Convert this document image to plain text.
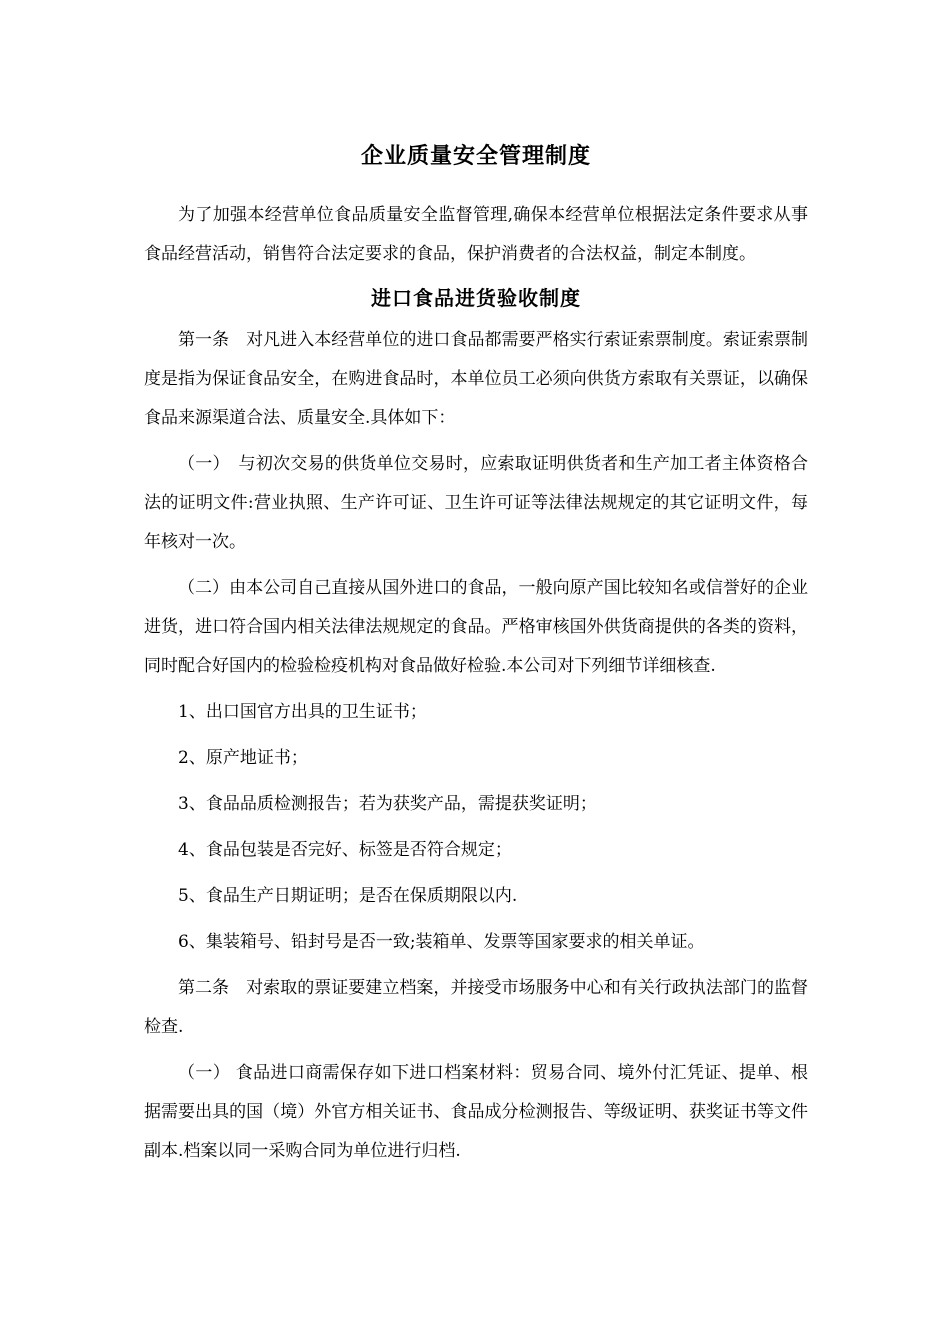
企业质量安全管理制度

为了加强本经营单位食品质量安全监督管理,确保本经营单位根据法定条件要求从事食品经营活动，销售符合法定要求的食品，保护消费者的合法权益，制定本制度。

进口食品进货验收制度

第一条　对凡进入本经营单位的进口食品都需要严格实行索证索票制度。索证索票制度是指为保证食品安全，在购进食品时，本单位员工必须向供货方索取有关票证，以确保食品来源渠道合法、质量安全.具体如下：

（一）　与初次交易的供货单位交易时，应索取证明供货者和生产加工者主体资格合法的证明文件:营业执照、生产许可证、卫生许可证等法律法规规定的其它证明文件，每年核对一次。

（二）由本公司自己直接从国外进口的食品，一般向原产国比较知名或信誉好的企业进货，进口符合国内相关法律法规规定的食品。严格审核国外供货商提供的各类的资料，同时配合好国内的检验检疫机构对食品做好检验.本公司对下列细节详细核查.

1、出口国官方出具的卫生证书；

2、原产地证书；

3、食品品质检测报告；若为获奖产品，需提获奖证明；

4、食品包装是否完好、标签是否符合规定；

5、食品生产日期证明；是否在保质期限以内.

6、集装箱号、铅封号是否一致;装箱单、发票等国家要求的相关单证。

第二条　对索取的票证要建立档案，并接受市场服务中心和有关行政执法部门的监督检查.

（一） 食品进口商需保存如下进口档案材料：贸易合同、境外付汇凭证、提单、根据需要出具的国（境）外官方相关证书、食品成分检测报告、等级证明、获奖证书等文件副本.档案以同一采购合同为单位进行归档.
